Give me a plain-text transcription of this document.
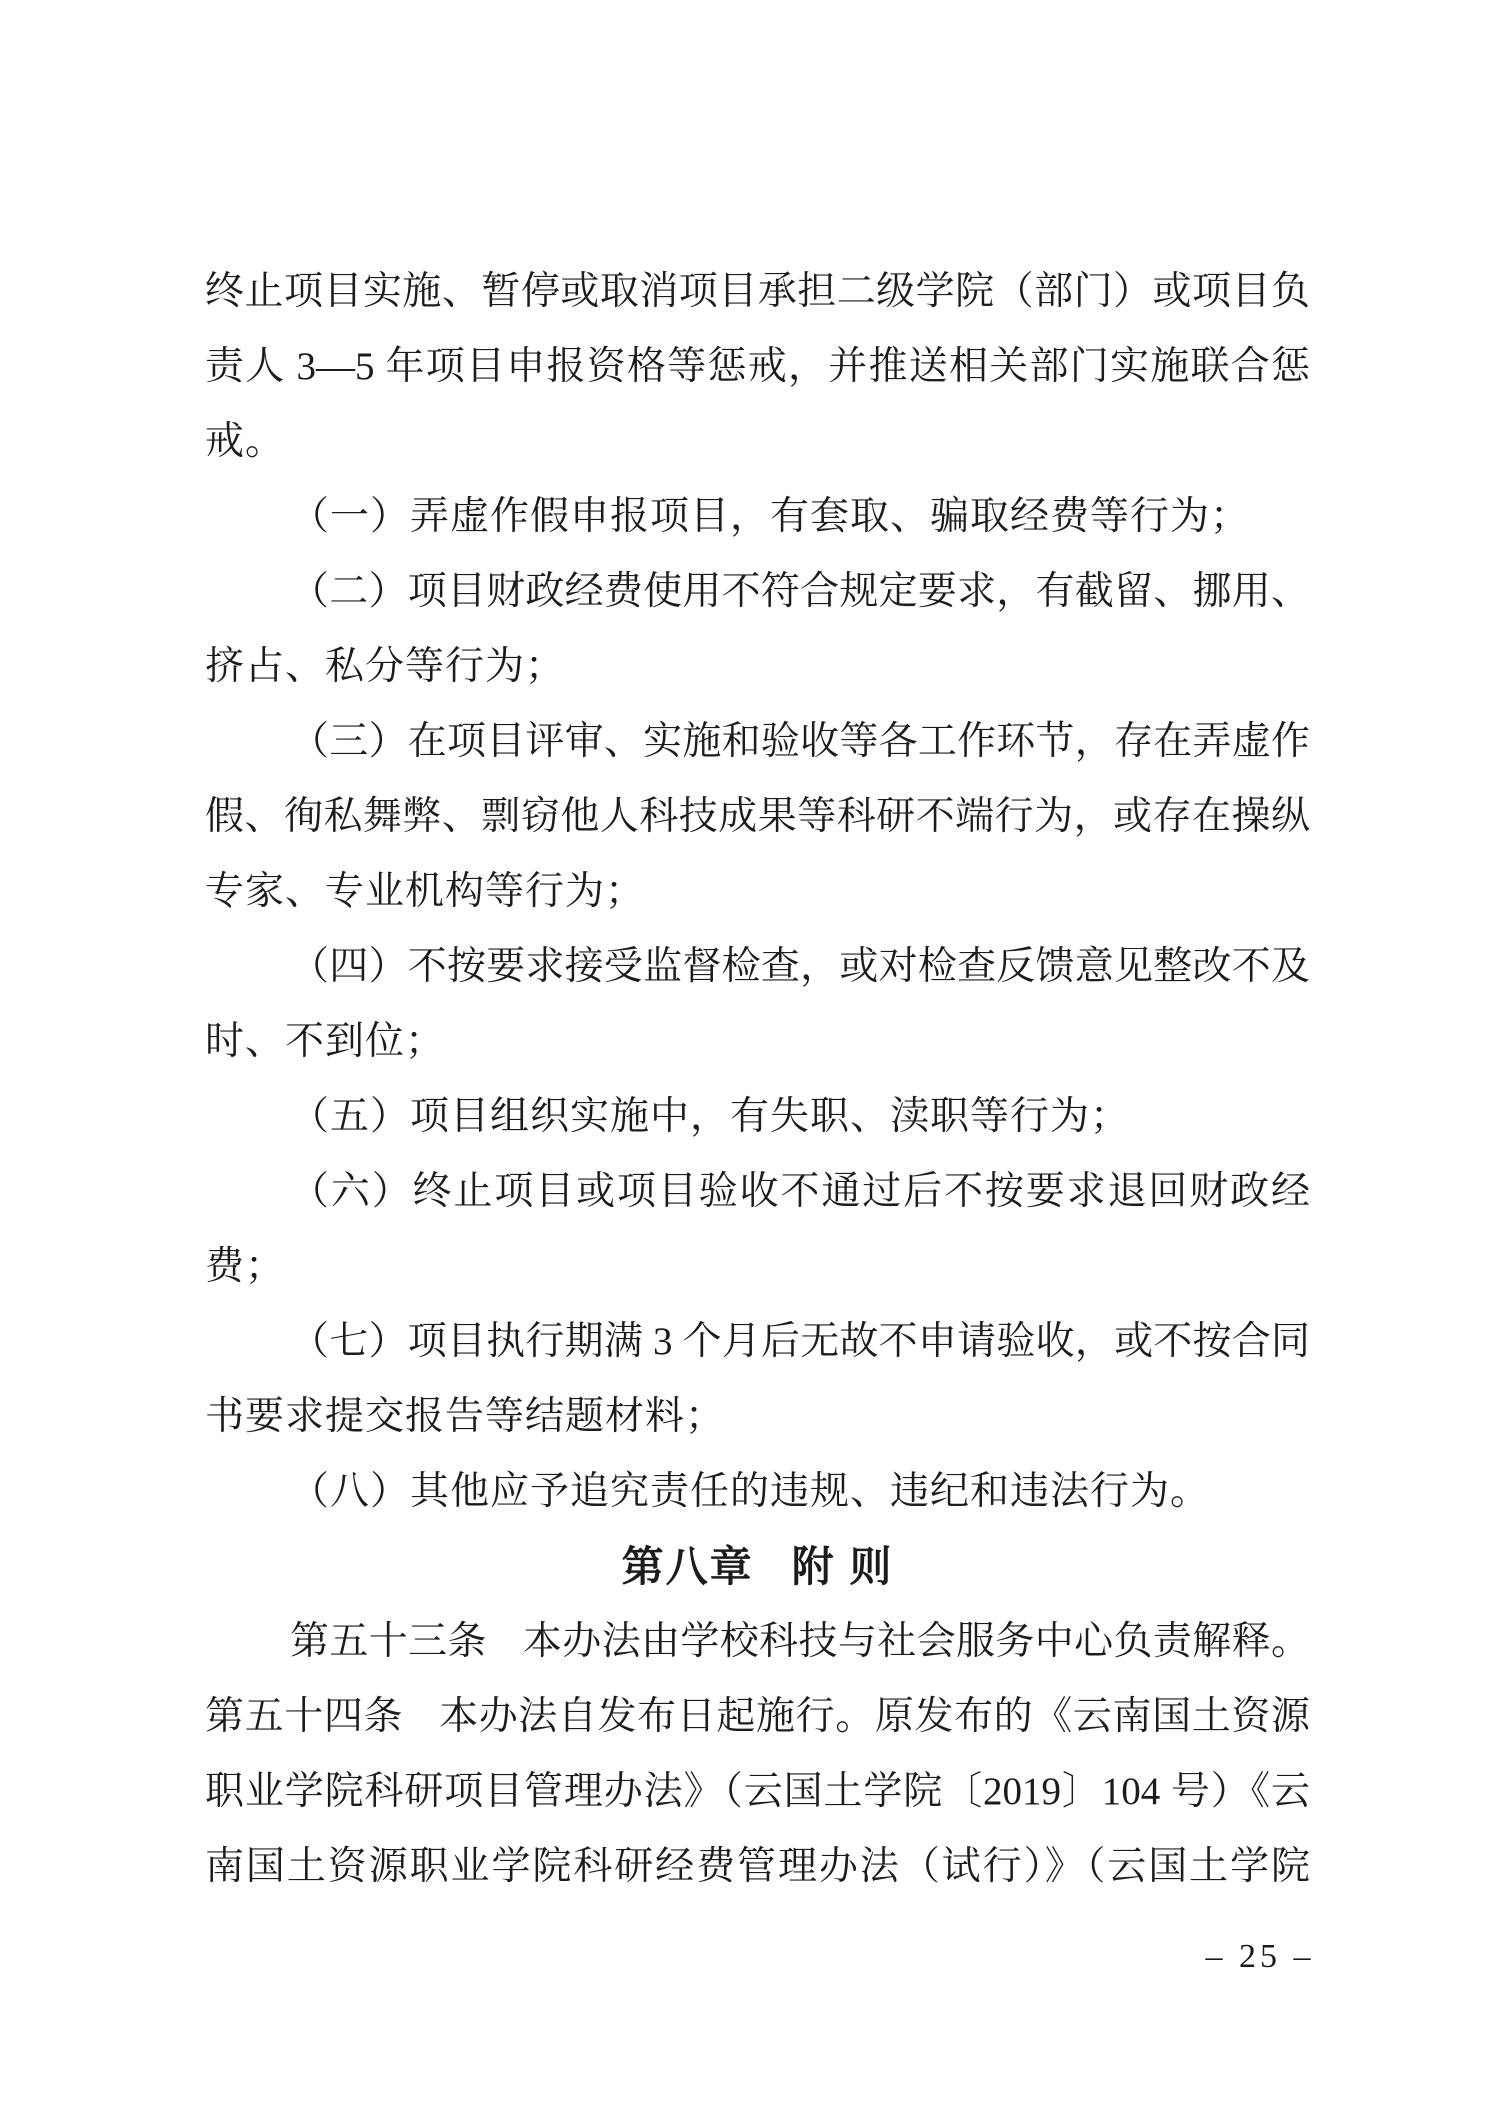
终止项目实施、暂停或取消项目承担二级学院（部门）或项目负
责人 3—5 年项目申报资格等惩戒，并推送相关部门实施联合惩
戒。
（一）弄虚作假申报项目，有套取、骗取经费等行为；
（二）项目财政经费使用不符合规定要求，有截留、挪用、
挤占、私分等行为；
（三）在项目评审、实施和验收等各工作环节，存在弄虚作
假、徇私舞弊、剽窃他人科技成果等科研不端行为，或存在操纵
专家、专业机构等行为；
（四）不按要求接受监督检查，或对检查反馈意见整改不及
时、不到位；
（五）项目组织实施中，有失职、渎职等行为；
（六）终止项目或项目验收不通过后不按要求退回财政经
费；
（七）项目执行期满 3 个月后无故不申请验收，或不按合同
书要求提交报告等结题材料；
（八）其他应予追究责任的违规、违纪和违法行为。
第八章 附 则
第五十三条 本办法由学校科技与社会服务中心负责解释。
第五十四条 本办法自发布日起施行。原发布的《云南国土资源
职业学院科研项目管理办法》（云国土学院〔2019〕104 号）《云
南国土资源职业学院科研经费管理办法（试行）》（云国土学院
– 25 –
